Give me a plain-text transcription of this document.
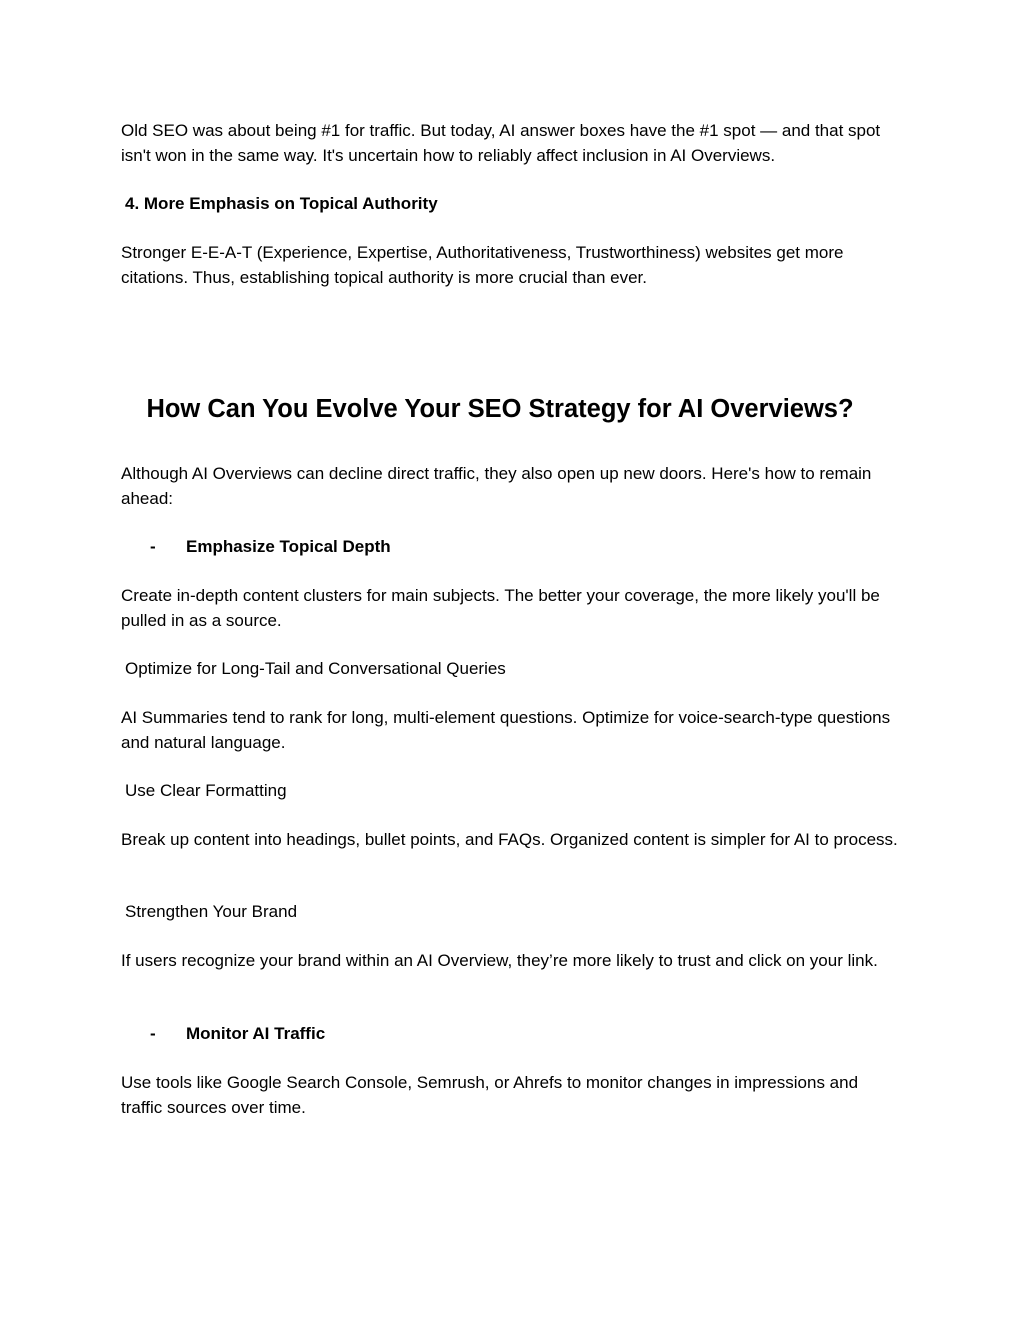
Old SEO was about being #1 for traffic. But today, AI answer boxes have the #1 spot — and that spot isn't won in the same way. It's uncertain how to reliably affect inclusion in AI Overviews.

4. More Emphasis on Topical Authority

Stronger E-E-A-T (Experience, Expertise, Authoritativeness, Trustworthiness) websites get more citations. Thus, establishing topical authority is more crucial than ever.

How Can You Evolve Your SEO Strategy for AI Overviews?

Although AI Overviews can decline direct traffic, they also open up new doors. Here's how to remain ahead:

-	Emphasize Topical Depth

Create in-depth content clusters for main subjects. The better your coverage, the more likely you'll be pulled in as a source.

Optimize for Long-Tail and Conversational Queries

AI Summaries tend to rank for long, multi-element questions. Optimize for voice-search-type questions and natural language.

Use Clear Formatting

Break up content into headings, bullet points, and FAQs. Organized content is simpler for AI to process.

Strengthen Your Brand

If users recognize your brand within an AI Overview, they’re more likely to trust and click on your link.

-	Monitor AI Traffic

Use tools like Google Search Console, Semrush, or Ahrefs to monitor changes in impressions and traffic sources over time.
